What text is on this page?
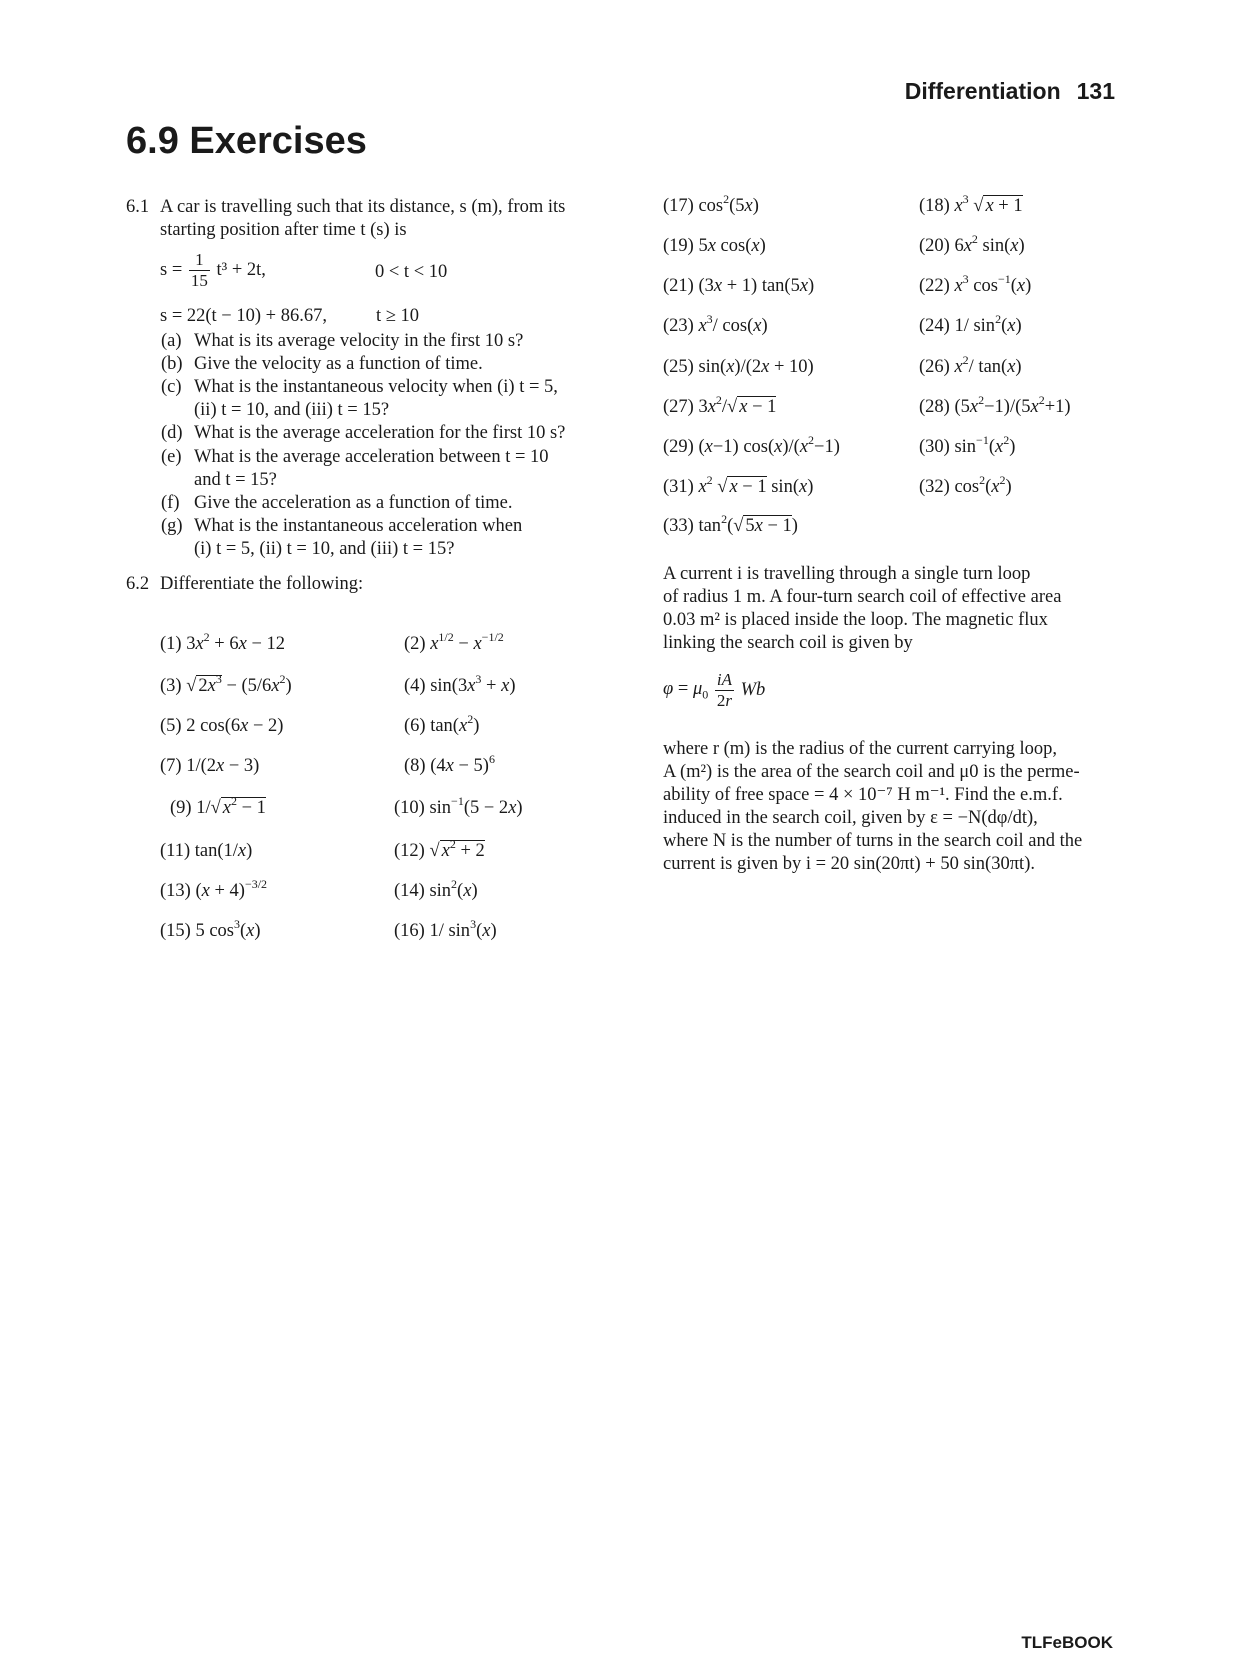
Differentiation 131
6.9 Exercises
6.1 A car is travelling such that its distance, s (m), from its
starting position after time t (s) is
$s = \frac{1}{15} t^3 + 2t$,	0 < t < 10
s = 22(t − 10) + 86.67,	t ≥ 10
(a) What is its average velocity in the first 10 s?
(b) Give the velocity as a function of time.
(c) What is the instantaneous velocity when (i) t = 5,
(ii) t = 10, and (iii) t = 15?
(d) What is the average acceleration for the first 10 s?
(e) What is the average acceleration between t = 10
and t = 15?
(f) Give the acceleration as a function of time.
(g) What is the instantaneous acceleration when
(i) t = 5, (ii) t = 10, and (iii) t = 15?
6.2 Differentiate the following:
(1) $3x^2 + 6x - 12$	(2) $x^{1/2} - x^{-1/2}$
(3) √ $2x^3 - (5/6x^2)$	(4) $\sin(3x^3 + x)$
(5) 2 cos(6x − 2)	(6) $\tan(x^2)$
(7) 1/(2x − 3)	(8) $(4x - 5)^6$
(9) 1/√ $x^2 - 1$	(10) $\sin^{-1}(5 - 2x)$
(11) tan(1/x)	(12) √ $x^2 + 2$
(13) $(x + 4)^{-3/2}$	(14) $\sin^2(x)$
(15) 5 $\cos^3(x)$	(16) 1/ $\sin^3(x)$
(17) $\cos^2(5x)$	(18) $x^3$ √ x + 1
(19) 5x cos(x)	(20) $6x^2$ sin(x)
(21) (3x + 1) tan(5x)	(22) $x^3$ $\cos^{-1}(x)$
(23) $x^3/$ cos(x)	(24) 1/ $\sin^2(x)$
(25) sin(x)/(2x + 10)	(26) $x^2/$ tan(x)
(27) $3x^2/√$ x − 1	(28) $(5x^2-1)/(5x^2+1)$
(29) (x−1) $\cos(x)/(x^2-1)$	(30) $\sin^{-1}(x^2)$
(31) $x^2$ √ x − 1 sin(x)	(32) $\cos^2(x^2)$
(33) $\tan^2(√$ 5x − 1)
A current i is travelling through a single turn loop
of radius 1 m. A four-turn search coil of effective area
0.03 m² is placed inside the loop. The magnetic flux
linking the search coil is given by
$\varphi = \mu_0 \frac{iA}{2r}$ Wb
where r (m) is the radius of the current carrying loop,
A (m²) is the area of the search coil and μ0 is the perme-
ability of free space = 4 × 10⁻⁷ H m⁻¹. Find the e.m.f.
induced in the search coil, given by ε = −N(dφ/dt),
where N is the number of turns in the search coil and the
current is given by i = 20 sin(20πt) + 50 sin(30πt).
TLFeBOOK
